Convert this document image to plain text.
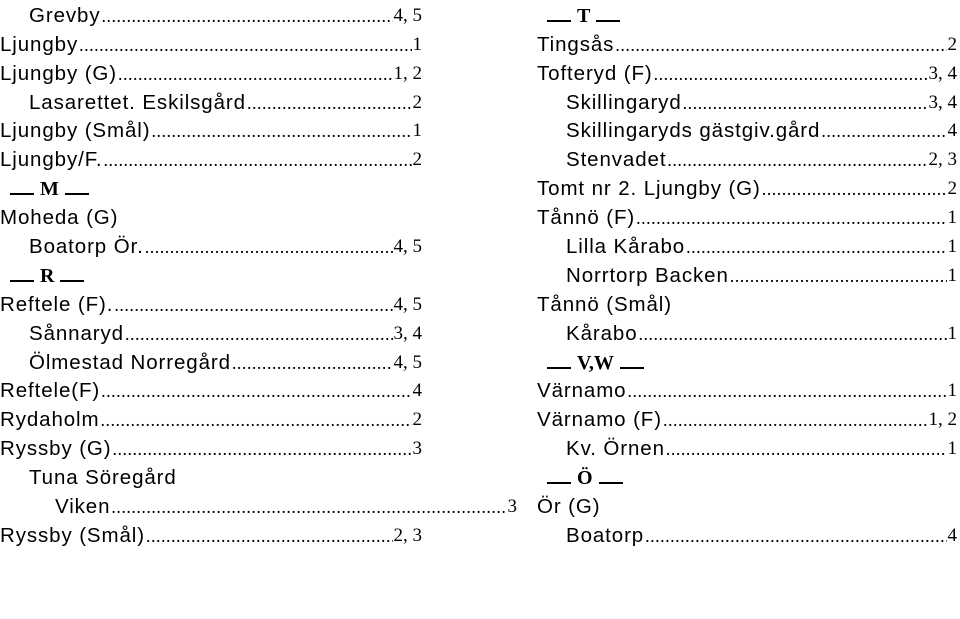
Grevby .....	4, 5
Ljungby .....	1
Ljungby (G) .....	1, 2
Lasarettet. Eskilsgård .....	2
Ljungby (Smål) .....	1
Ljungby/F. .....	2
M
Moheda (G)
Boatorp Ör. .....	4, 5
R
Reftele (F). .....	4, 5
Sånnaryd .....	3, 4
Ölmestad Norregård .....	4, 5
Reftele(F) .....	4
Rydaholm .....	2
Ryssby (G) .....	3
Tuna Söregård
Viken .....	3
Ryssby (Smål) .....	2, 3
T
Tingsås .....	2
Tofteryd (F) .....	3, 4
Skillingaryd .....	3, 4
Skillingaryds gästgiv.gård .....	4
Stenvadet .....	2, 3
Tomt nr 2. Ljungby (G) .....	2
Tånnö (F) .....	1
Lilla Kårabo .....	1
Norrtorp Backen .....	1
Tånnö (Smål)
Kårabo .....	1
V,W
Värnamo .....	1
Värnamo (F) .....	1, 2
Kv. Örnen .....	1
Ö
Ör (G)
Boatorp .....	4
